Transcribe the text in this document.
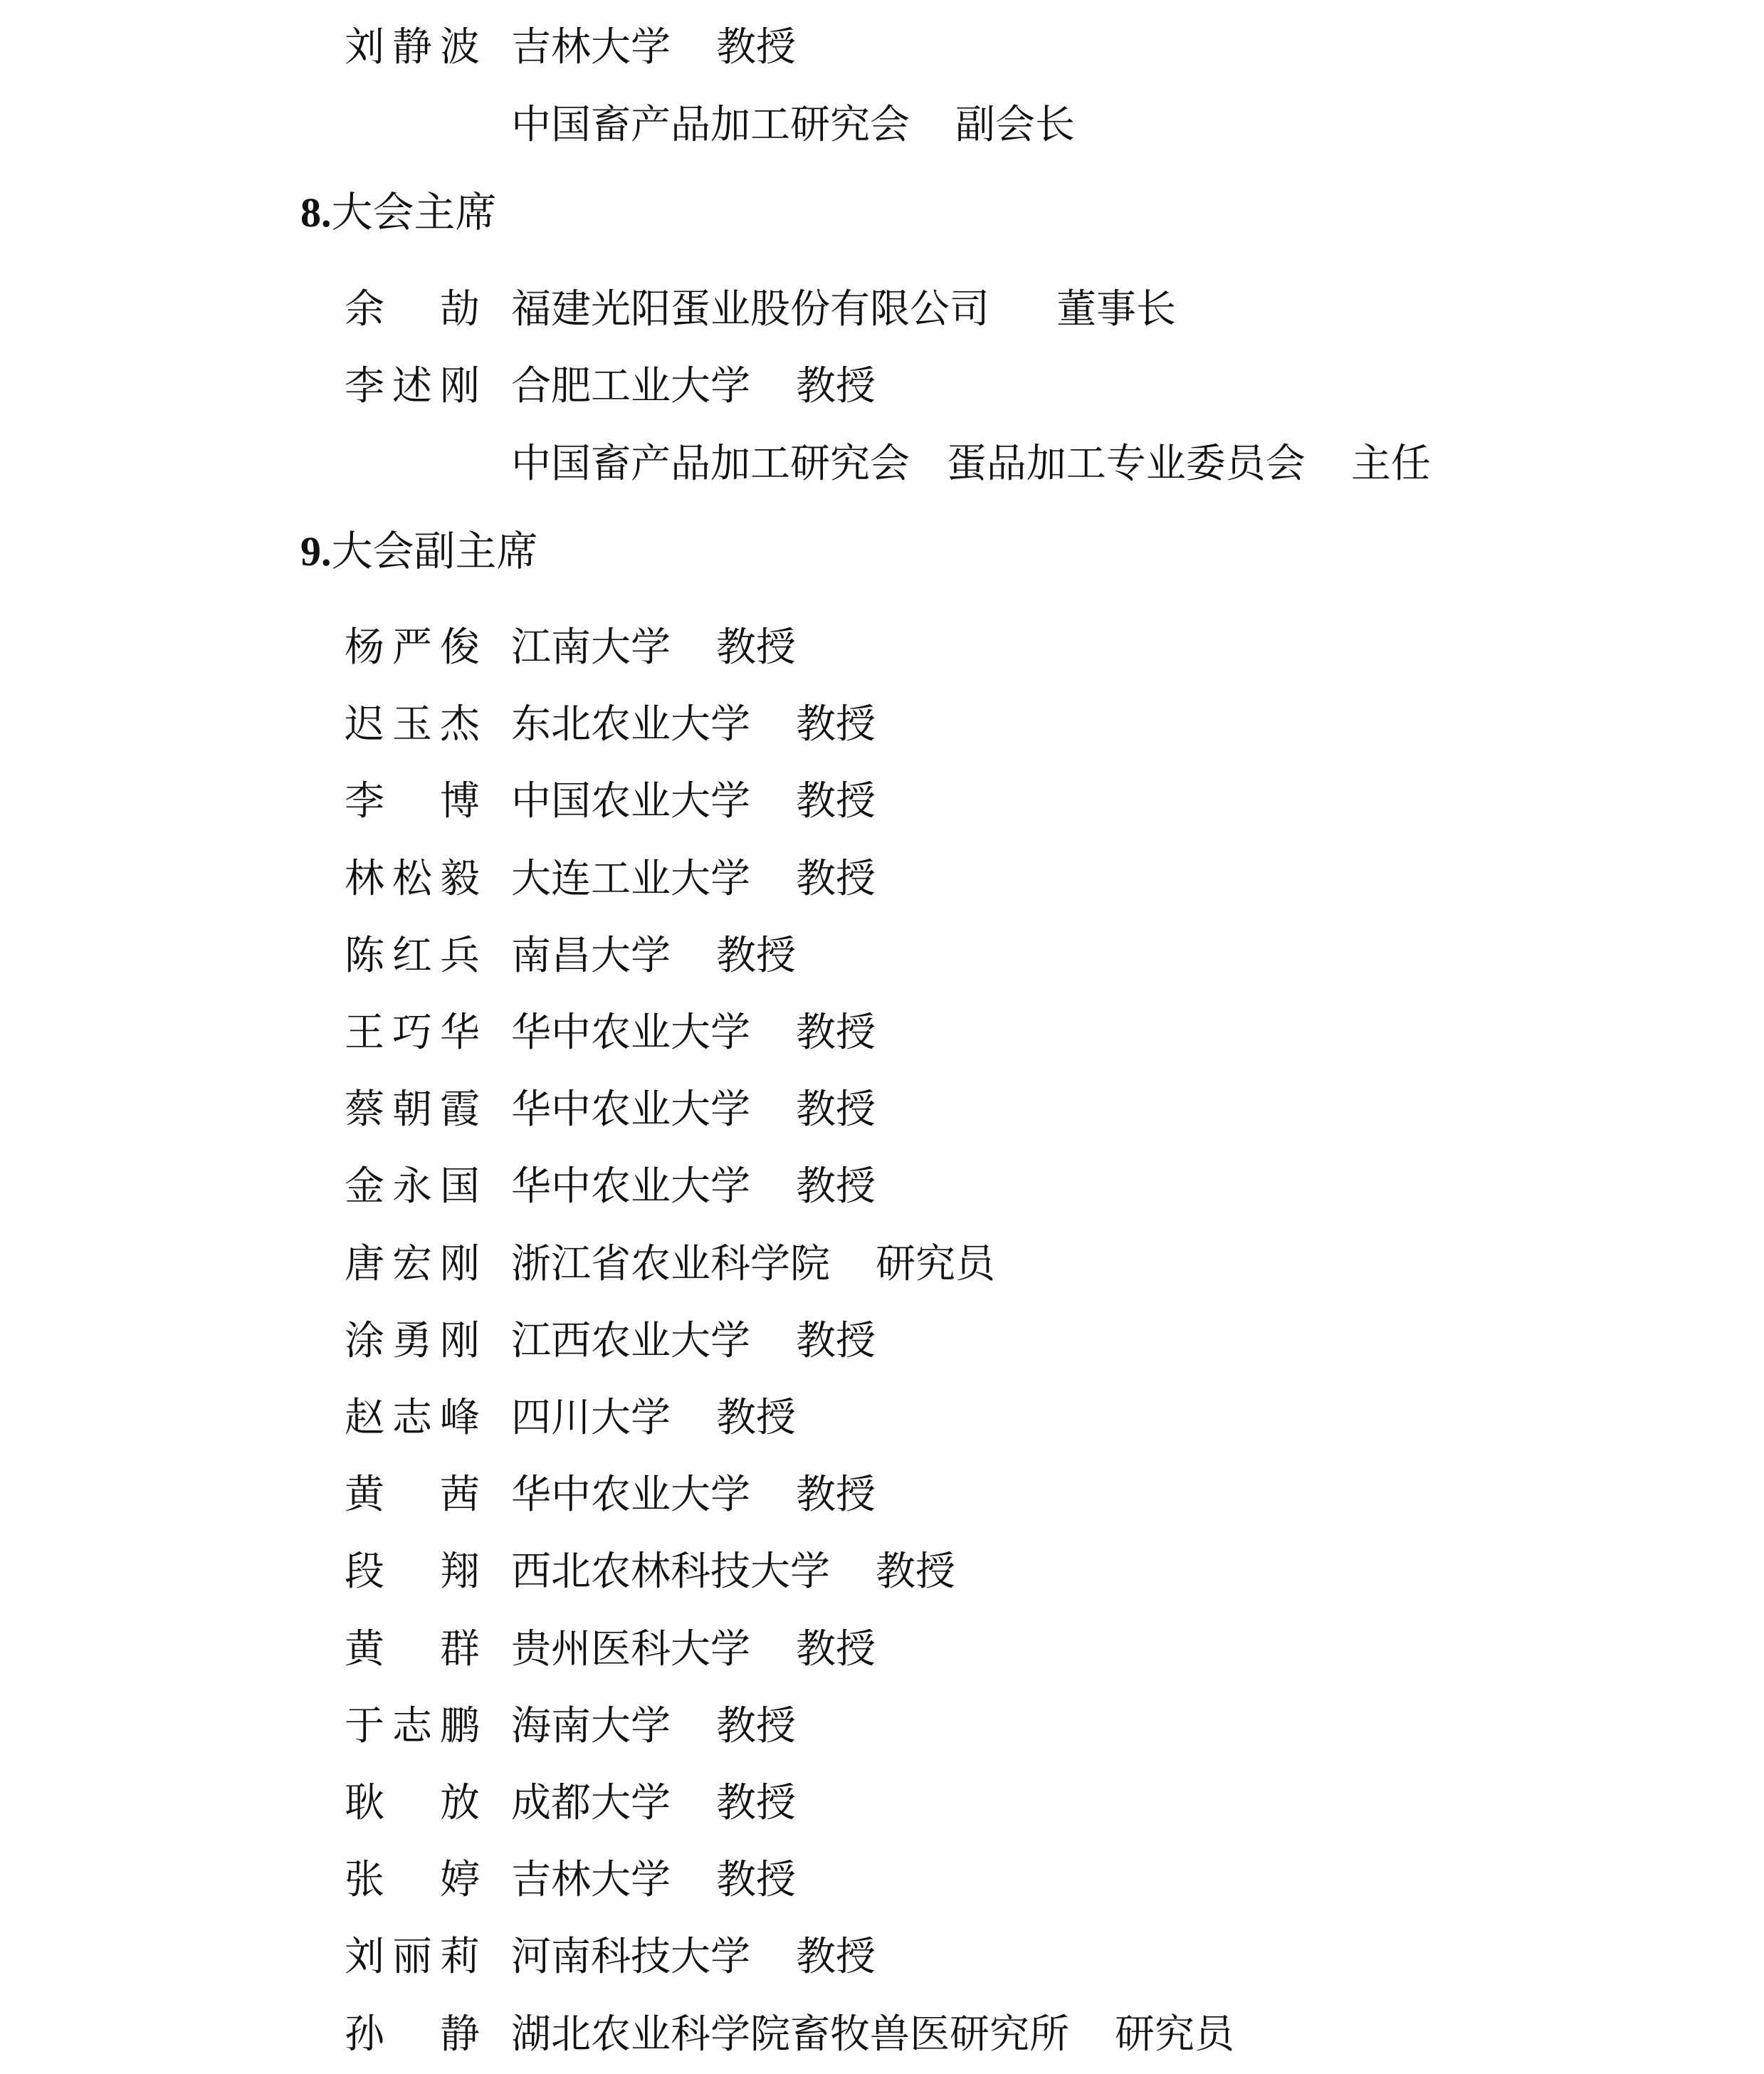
刘 静 波 吉林大学 教授
中国畜产品加工研究会 副会长
8.大会主席
余 劼 福建光阳蛋业股份有限公司 董事长
李 述 刚 合肥工业大学 教授
中国畜产品加工研究会 蛋品加工专业委员会 主任
9.大会副主席
杨 严 俊 江南大学 教授
迟 玉 杰 东北农业大学 教授
李 博 中国农业大学 教授
林 松 毅 大连工业大学 教授
陈 红 兵 南昌大学 教授
王 巧 华 华中农业大学 教授
蔡 朝 霞 华中农业大学 教授
金 永 国 华中农业大学 教授
唐 宏 刚 浙江省农业科学院 研究员
涂 勇 刚 江西农业大学 教授
赵 志 峰 四川大学 教授
黄 茜 华中农业大学 教授
段 翔 西北农林科技大学 教授
黄 群 贵州医科大学 教授
于 志 鹏 海南大学 教授
耿 放 成都大学 教授
张 婷 吉林大学 教授
刘 丽 莉 河南科技大学 教授
孙 静 湖北农业科学院畜牧兽医研究所 研究员
